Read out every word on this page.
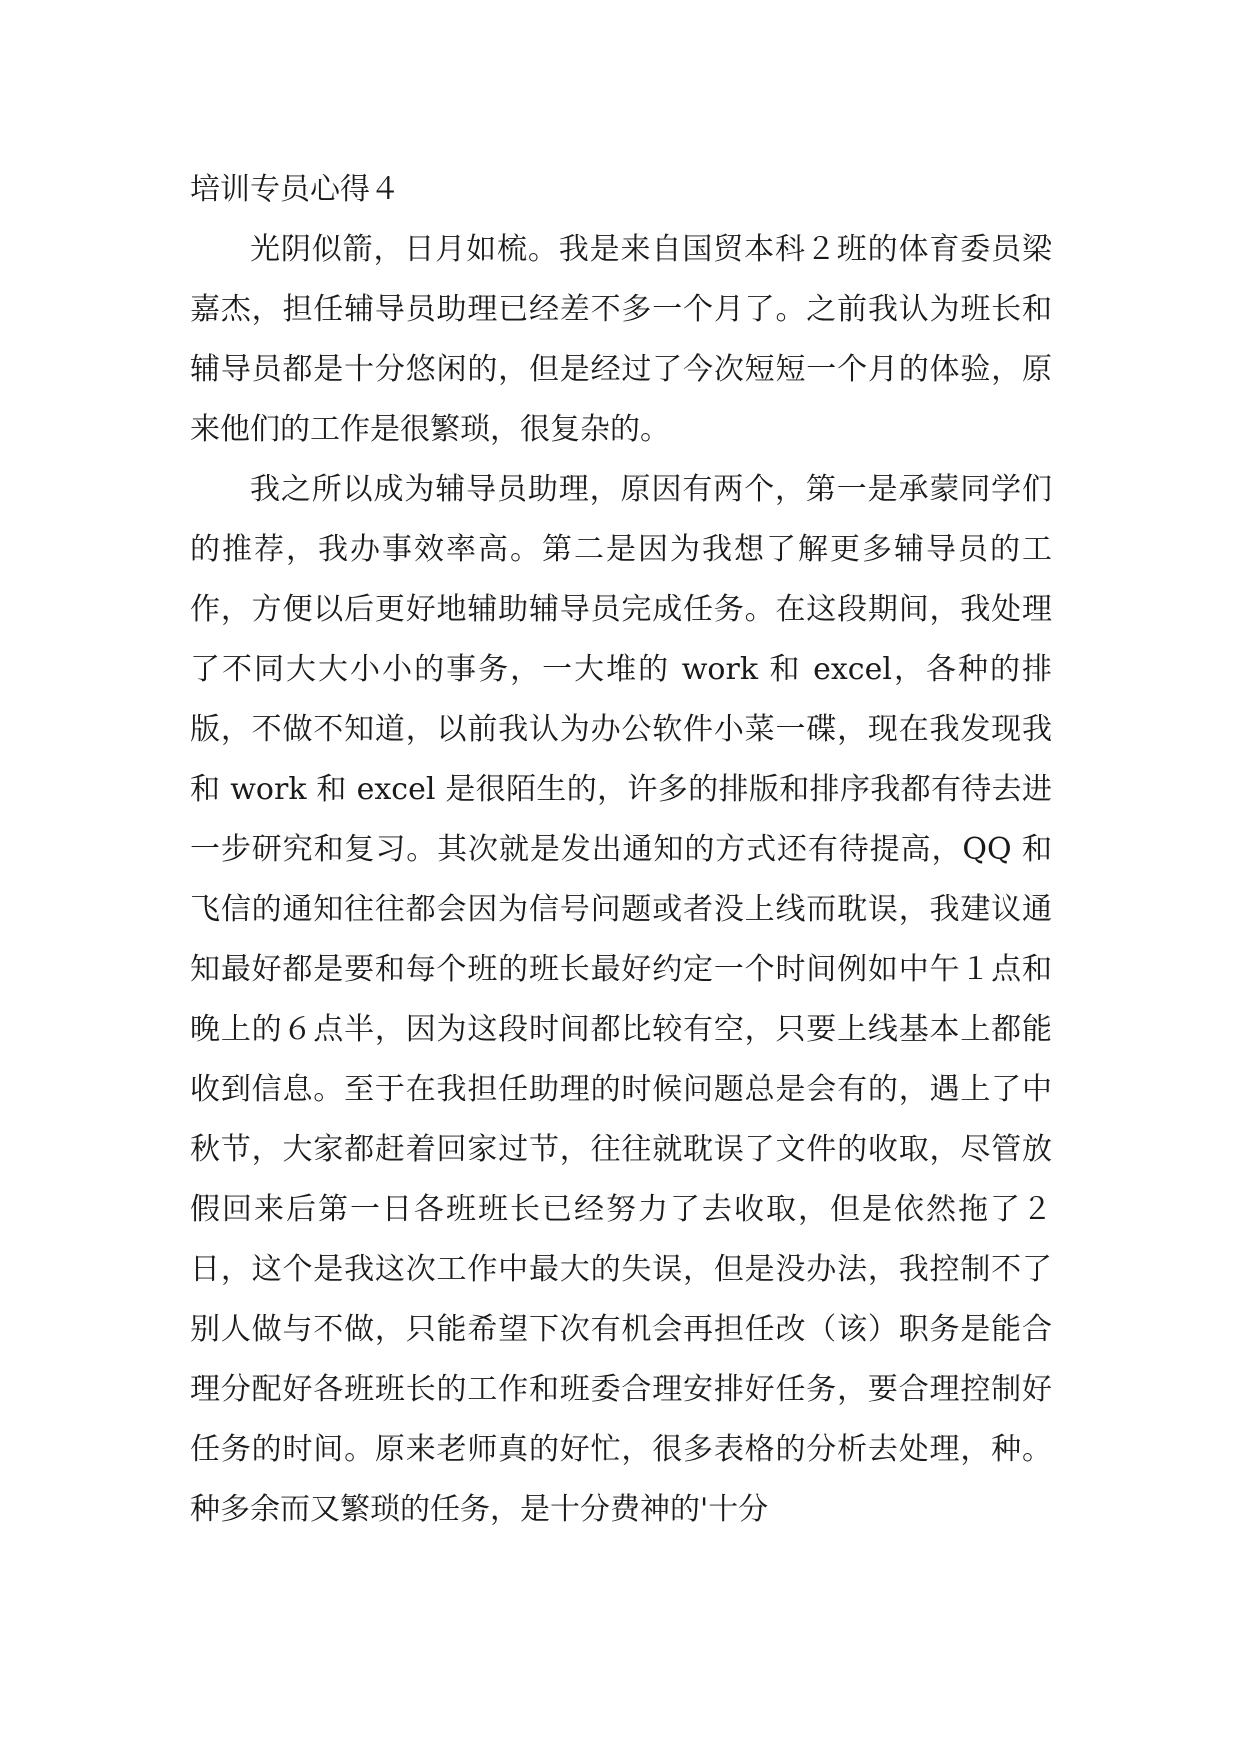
培训专员心得４

光阴似箭，日月如梳。我是来自国贸本科２班的体育委员梁嘉杰，担任辅导员助理已经差不多一个月了。之前我认为班长和辅导员都是十分悠闲的，但是经过了今次短短一个月的体验，原来他们的工作是很繁琐，很复杂的。

我之所以成为辅导员助理，原因有两个，第一是承蒙同学们的推荐，我办事效率高。第二是因为我想了解更多辅导员的工作，方便以后更好地辅助辅导员完成任务。在这段期间，我处理了不同大大小小的事务，一大堆的 work 和 excel，各种的排版，不做不知道，以前我认为办公软件小菜一碟，现在我发现我和 work 和 excel 是很陌生的，许多的排版和排序我都有待去进一步研究和复习。其次就是发出通知的方式还有待提高，QQ 和飞信的通知往往都会因为信号问题或者没上线而耽误，我建议通知最好都是要和每个班的班长最好约定一个时间例如中午１点和晚上的６点半，因为这段时间都比较有空，只要上线基本上都能收到信息。至于在我担任助理的时候问题总是会有的，遇上了中秋节，大家都赶着回家过节，往往就耽误了文件的收取，尽管放假回来后第一日各班班长已经努力了去收取，但是依然拖了２日，这个是我这次工作中最大的失误，但是没办法，我控制不了别人做与不做，只能希望下次有机会再担任改（该）职务是能合理分配好各班班长的工作和班委合理安排好任务，要合理控制好任务的时间。原来老师真的好忙，很多表格的分析去处理，种。种多余而又繁琐的任务，是十分费神的'十分
